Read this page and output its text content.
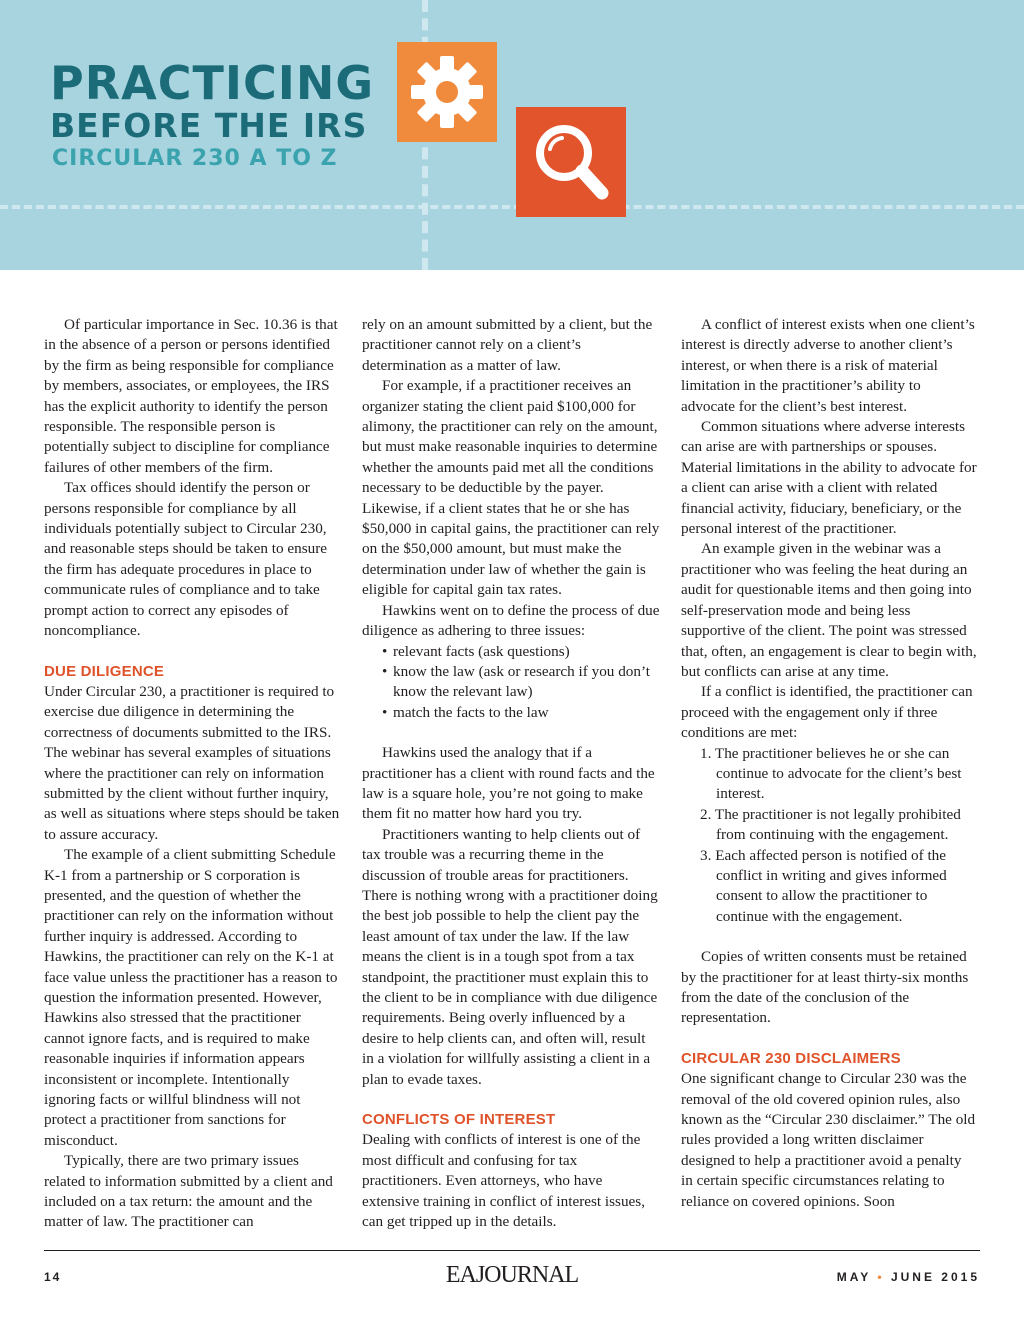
PRACTICING
BEFORE THE IRS
CIRCULAR 230 A TO Z

Of particular importance in Sec. 10.36 is that in the absence of a person or persons identified by the firm as being responsible for compliance by members, associates, or employees, the IRS has the explicit authority to identify the person responsible. The responsible person is potentially subject to discipline for compliance failures of other members of the firm.

Tax offices should identify the person or persons responsible for compliance by all individuals potentially subject to Circular 230, and reasonable steps should be taken to ensure the firm has adequate procedures in place to communicate rules of compliance and to take prompt action to correct any episodes of noncompliance.

DUE DILIGENCE

Under Circular 230, a practitioner is required to exercise due diligence in determining the correctness of documents submitted to the IRS. The webinar has several examples of situations where the practitioner can rely on information submitted by the client without further inquiry, as well as situations where steps should be taken to assure accuracy.

The example of a client submitting Schedule K-1 from a partnership or S corporation is presented, and the question of whether the practitioner can rely on the information without further inquiry is addressed. According to Hawkins, the practitioner can rely on the K-1 at face value unless the practitioner has a reason to question the information presented. However, Hawkins also stressed that the practitioner cannot ignore facts, and is required to make reasonable inquiries if information appears inconsistent or incomplete. Intentionally ignoring facts or willful blindness will not protect a practitioner from sanctions for misconduct.

Typically, there are two primary issues related to information submitted by a client and included on a tax return: the amount and the matter of law. The practitioner can

rely on an amount submitted by a client, but the practitioner cannot rely on a client’s determination as a matter of law.

For example, if a practitioner receives an organizer stating the client paid $100,000 for alimony, the practitioner can rely on the amount, but must make reasonable inquiries to determine whether the amounts paid met all the conditions necessary to be deductible by the payer. Likewise, if a client states that he or she has $50,000 in capital gains, the practitioner can rely on the $50,000 amount, but must make the determination under law of whether the gain is eligible for capital gain tax rates.

Hawkins went on to define the process of due diligence as adhering to three issues:

• relevant facts (ask questions)
• know the law (ask or research if you don’t know the relevant law)
• match the facts to the law

Hawkins used the analogy that if a practitioner has a client with round facts and the law is a square hole, you’re not going to make them fit no matter how hard you try.

Practitioners wanting to help clients out of tax trouble was a recurring theme in the discussion of trouble areas for practitioners. There is nothing wrong with a practitioner doing the best job possible to help the client pay the least amount of tax under the law. If the law means the client is in a tough spot from a tax standpoint, the practitioner must explain this to the client to be in compliance with due diligence requirements. Being overly influenced by a desire to help clients can, and often will, result in a violation for willfully assisting a client in a plan to evade taxes.

CONFLICTS OF INTEREST

Dealing with conflicts of interest is one of the most difficult and confusing for tax practitioners. Even attorneys, who have extensive training in conflict of interest issues, can get tripped up in the details.

A conflict of interest exists when one client’s interest is directly adverse to another client’s interest, or when there is a risk of material limitation in the practitioner’s ability to advocate for the client’s best interest.

Common situations where adverse interests can arise are with partnerships or spouses. Material limitations in the ability to advocate for a client can arise with a client with related financial activity, fiduciary, beneficiary, or the personal interest of the practitioner.

An example given in the webinar was a practitioner who was feeling the heat during an audit for questionable items and then going into self-preservation mode and being less supportive of the client. The point was stressed that, often, an engagement is clear to begin with, but conflicts can arise at any time.

If a conflict is identified, the practitioner can proceed with the engagement only if three conditions are met:

1. The practitioner believes he or she can continue to advocate for the client’s best interest.
2. The practitioner is not legally prohibited from continuing with the engagement.
3. Each affected person is notified of the conflict in writing and gives informed consent to allow the practitioner to continue with the engagement.

Copies of written consents must be retained by the practitioner for at least thirty-six months from the date of the conclusion of the representation.

CIRCULAR 230 DISCLAIMERS

One significant change to Circular 230 was the removal of the old covered opinion rules, also known as the “Circular 230 disclaimer.” The old rules provided a long written disclaimer designed to help a practitioner avoid a penalty in certain specific circumstances relating to reliance on covered opinions. Soon

14	EAJOURNAL	MAY • JUNE 2015
